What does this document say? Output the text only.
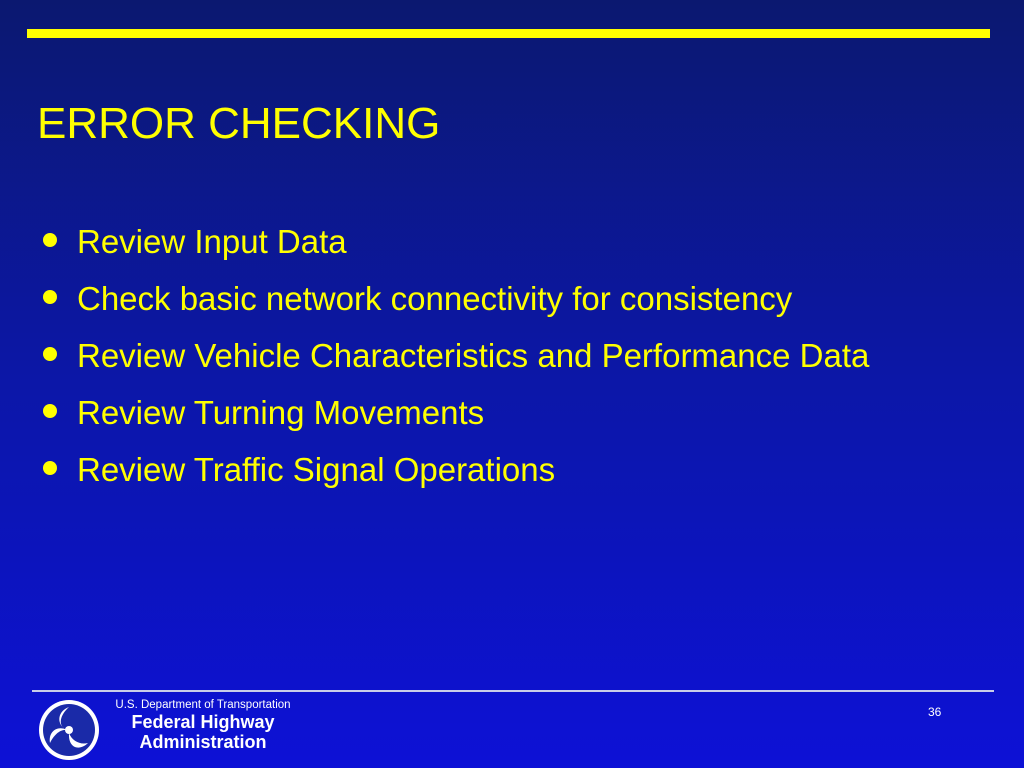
ERROR CHECKING
Review Input Data
Check basic network connectivity for consistency
Review Vehicle Characteristics and Performance Data
Review Turning Movements
Review Traffic Signal Operations
U.S. Department of Transportation
Federal Highway
Administration
36
